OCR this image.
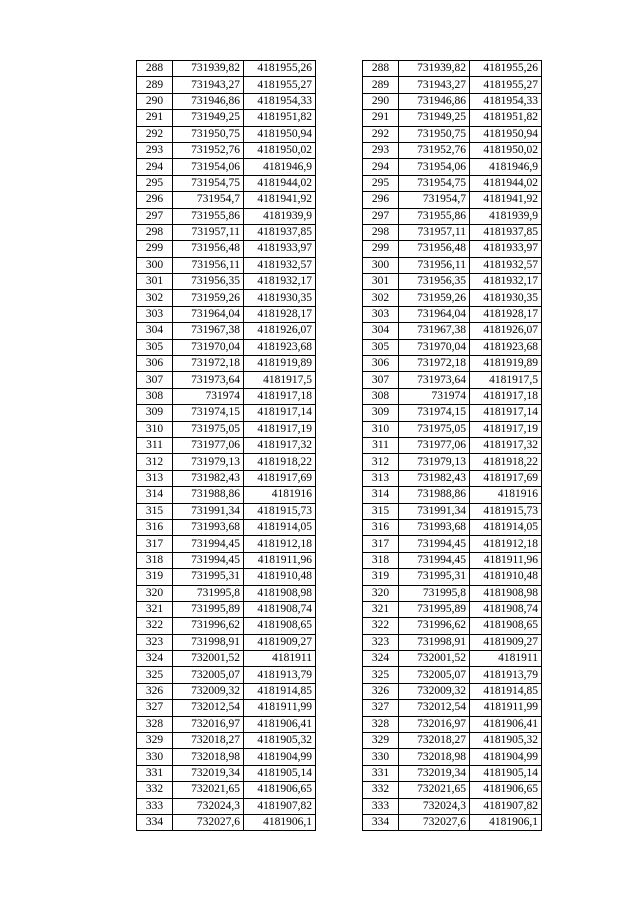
288	731939,82	4181955,26
289	731943,27	4181955,27
290	731946,86	4181954,33
291	731949,25	4181951,82
292	731950,75	4181950,94
293	731952,76	4181950,02
294	731954,06	4181946,9
295	731954,75	4181944,02
296	731954,7	4181941,92
297	731955,86	4181939,9
298	731957,11	4181937,85
299	731956,48	4181933,97
300	731956,11	4181932,57
301	731956,35	4181932,17
302	731959,26	4181930,35
303	731964,04	4181928,17
304	731967,38	4181926,07
305	731970,04	4181923,68
306	731972,18	4181919,89
307	731973,64	4181917,5
308	731974	4181917,18
309	731974,15	4181917,14
310	731975,05	4181917,19
311	731977,06	4181917,32
312	731979,13	4181918,22
313	731982,43	4181917,69
314	731988,86	4181916
315	731991,34	4181915,73
316	731993,68	4181914,05
317	731994,45	4181912,18
318	731994,45	4181911,96
319	731995,31	4181910,48
320	731995,8	4181908,98
321	731995,89	4181908,74
322	731996,62	4181908,65
323	731998,91	4181909,27
324	732001,52	4181911
325	732005,07	4181913,79
326	732009,32	4181914,85
327	732012,54	4181911,99
328	732016,97	4181906,41
329	732018,27	4181905,32
330	732018,98	4181904,99
331	732019,34	4181905,14
332	732021,65	4181906,65
333	732024,3	4181907,82
334	732027,6	4181906,1
288	731939,82	4181955,26
289	731943,27	4181955,27
290	731946,86	4181954,33
291	731949,25	4181951,82
292	731950,75	4181950,94
293	731952,76	4181950,02
294	731954,06	4181946,9
295	731954,75	4181944,02
296	731954,7	4181941,92
297	731955,86	4181939,9
298	731957,11	4181937,85
299	731956,48	4181933,97
300	731956,11	4181932,57
301	731956,35	4181932,17
302	731959,26	4181930,35
303	731964,04	4181928,17
304	731967,38	4181926,07
305	731970,04	4181923,68
306	731972,18	4181919,89
307	731973,64	4181917,5
308	731974	4181917,18
309	731974,15	4181917,14
310	731975,05	4181917,19
311	731977,06	4181917,32
312	731979,13	4181918,22
313	731982,43	4181917,69
314	731988,86	4181916
315	731991,34	4181915,73
316	731993,68	4181914,05
317	731994,45	4181912,18
318	731994,45	4181911,96
319	731995,31	4181910,48
320	731995,8	4181908,98
321	731995,89	4181908,74
322	731996,62	4181908,65
323	731998,91	4181909,27
324	732001,52	4181911
325	732005,07	4181913,79
326	732009,32	4181914,85
327	732012,54	4181911,99
328	732016,97	4181906,41
329	732018,27	4181905,32
330	732018,98	4181904,99
331	732019,34	4181905,14
332	732021,65	4181906,65
333	732024,3	4181907,82
334	732027,6	4181906,1
